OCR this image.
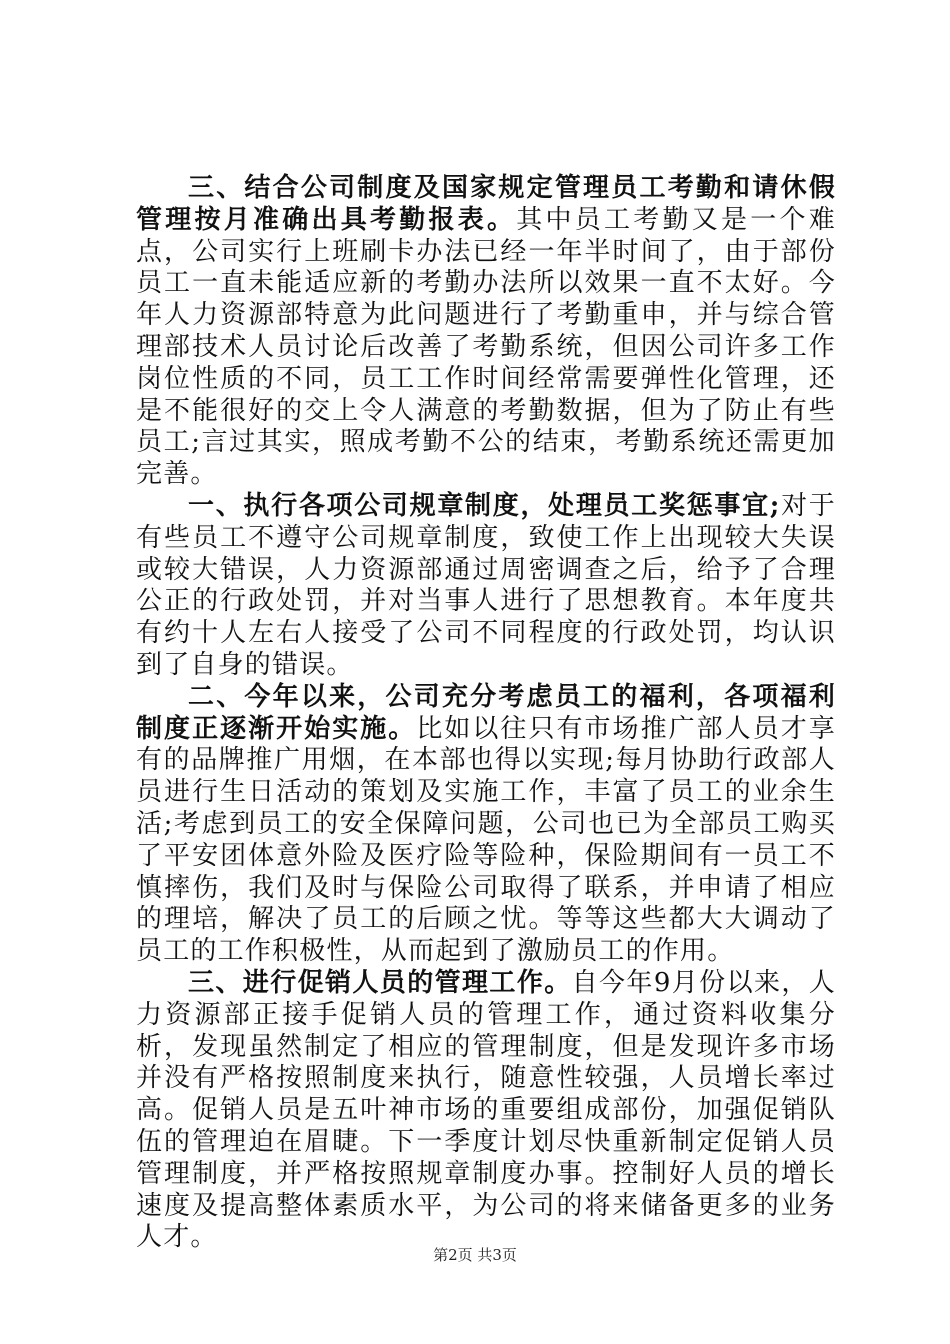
三、结合公司制度及国家规定管理员工考勤和请休假管理按月准确出具考勤报表。其中员工考勤又是一个难点，公司实行上班刷卡办法已经一年半时间了，由于部份员工一直未能适应新的考勤办法所以效果一直不太好。今年人力资源部特意为此问题进行了考勤重申，并与综合管理部技术人员讨论后改善了考勤系统，但因公司许多工作岗位性质的不同，员工工作时间经常需要弹性化管理，还是不能很好的交上令人满意的考勤数据，但为了防止有些员工;言过其实，照成考勤不公的结束，考勤系统还需更加完善。

一、执行各项公司规章制度，处理员工奖惩事宜;对于有些员工不遵守公司规章制度，致使工作上出现较大失误或较大错误，人力资源部通过周密调查之后，给予了合理公正的行政处罚，并对当事人进行了思想教育。本年度共有约十人左右人接受了公司不同程度的行政处罚，均认识到了自身的错误。

二、今年以来，公司充分考虑员工的福利，各项福利制度正逐渐开始实施。比如以往只有市场推广部人员才享有的品牌推广用烟，在本部也得以实现;每月协助行政部人员进行生日活动的策划及实施工作，丰富了员工的业余生活;考虑到员工的安全保障问题，公司也已为全部员工购买了平安团体意外险及医疗险等险种，保险期间有一员工不慎摔伤，我们及时与保险公司取得了联系，并申请了相应的理培，解决了员工的后顾之忧。等等这些都大大调动了员工的工作积极性，从而起到了激励员工的作用。

三、进行促销人员的管理工作。自今年9月份以来，人力资源部正接手促销人员的管理工作，通过资料收集分析，发现虽然制定了相应的管理制度，但是发现许多市场并没有严格按照制度来执行，随意性较强，人员增长率过高。促销人员是五叶神市场的重要组成部份，加强促销队伍的管理迫在眉睫。下一季度计划尽快重新制定促销人员管理制度，并严格按照规章制度办事。控制好人员的增长速度及提高整体素质水平，为公司的将来储备更多的业务人才。

第2页 共3页
